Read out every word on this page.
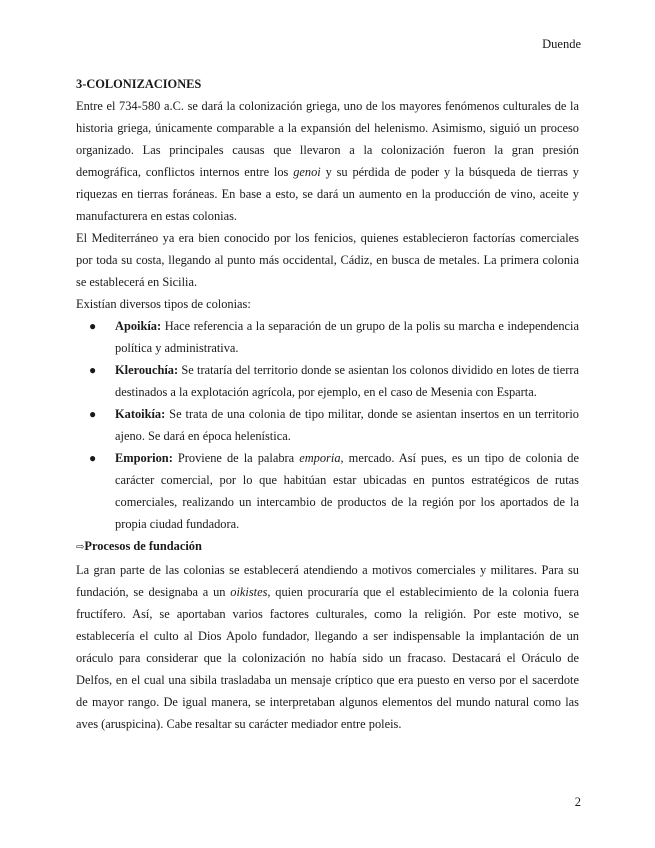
Duende

3-COLONIZACIONES

Entre el 734-580 a.C. se dará la colonización griega, uno de los mayores fenómenos culturales de la historia griega, únicamente comparable a la expansión del helenismo. Asimismo, siguió un proceso organizado. Las principales causas que llevaron a la colonización fueron la gran presión demográfica, conflictos internos entre los genoi y su pérdida de poder y la búsqueda de tierras y riquezas en tierras foráneas. En base a esto, se dará un aumento en la producción de vino, aceite y manufacturera en estas colonias.

El Mediterráneo ya era bien conocido por los fenicios, quienes establecieron factorías comerciales por toda su costa, llegando al punto más occidental, Cádiz, en busca de metales. La primera colonia se establecerá en Sicilia.

Existían diversos tipos de colonias:

● Apoikía: Hace referencia a la separación de un grupo de la polis su marcha e independencia política y administrativa.
● Klerouchía: Se trataría del territorio donde se asientan los colonos dividido en lotes de tierra destinados a la explotación agrícola, por ejemplo, en el caso de Mesenia con Esparta.
● Katoikía: Se trata de una colonia de tipo militar, donde se asientan insertos en un territorio ajeno. Se dará en época helenística.
● Emporion: Proviene de la palabra emporia, mercado. Así pues, es un tipo de colonia de carácter comercial, por lo que habitúan estar ubicadas en puntos estratégicos de rutas comerciales, realizando un intercambio de productos de la región por los aportados de la propia ciudad fundadora.

⇨Procesos de fundación

La gran parte de las colonias se establecerá atendiendo a motivos comerciales y militares. Para su fundación, se designaba a un oikistes, quien procuraría que el establecimiento de la colonia fuera fructífero. Así, se aportaban varios factores culturales, como la religión. Por este motivo, se establecería el culto al Dios Apolo fundador, llegando a ser indispensable la implantación de un oráculo para considerar que la colonización no había sido un fracaso. Destacará el Oráculo de Delfos, en el cual una sibila trasladaba un mensaje críptico que era puesto en verso por el sacerdote de mayor rango. De igual manera, se interpretaban algunos elementos del mundo natural como las aves (aruspicina). Cabe resaltar su carácter mediador entre poleis.

2
